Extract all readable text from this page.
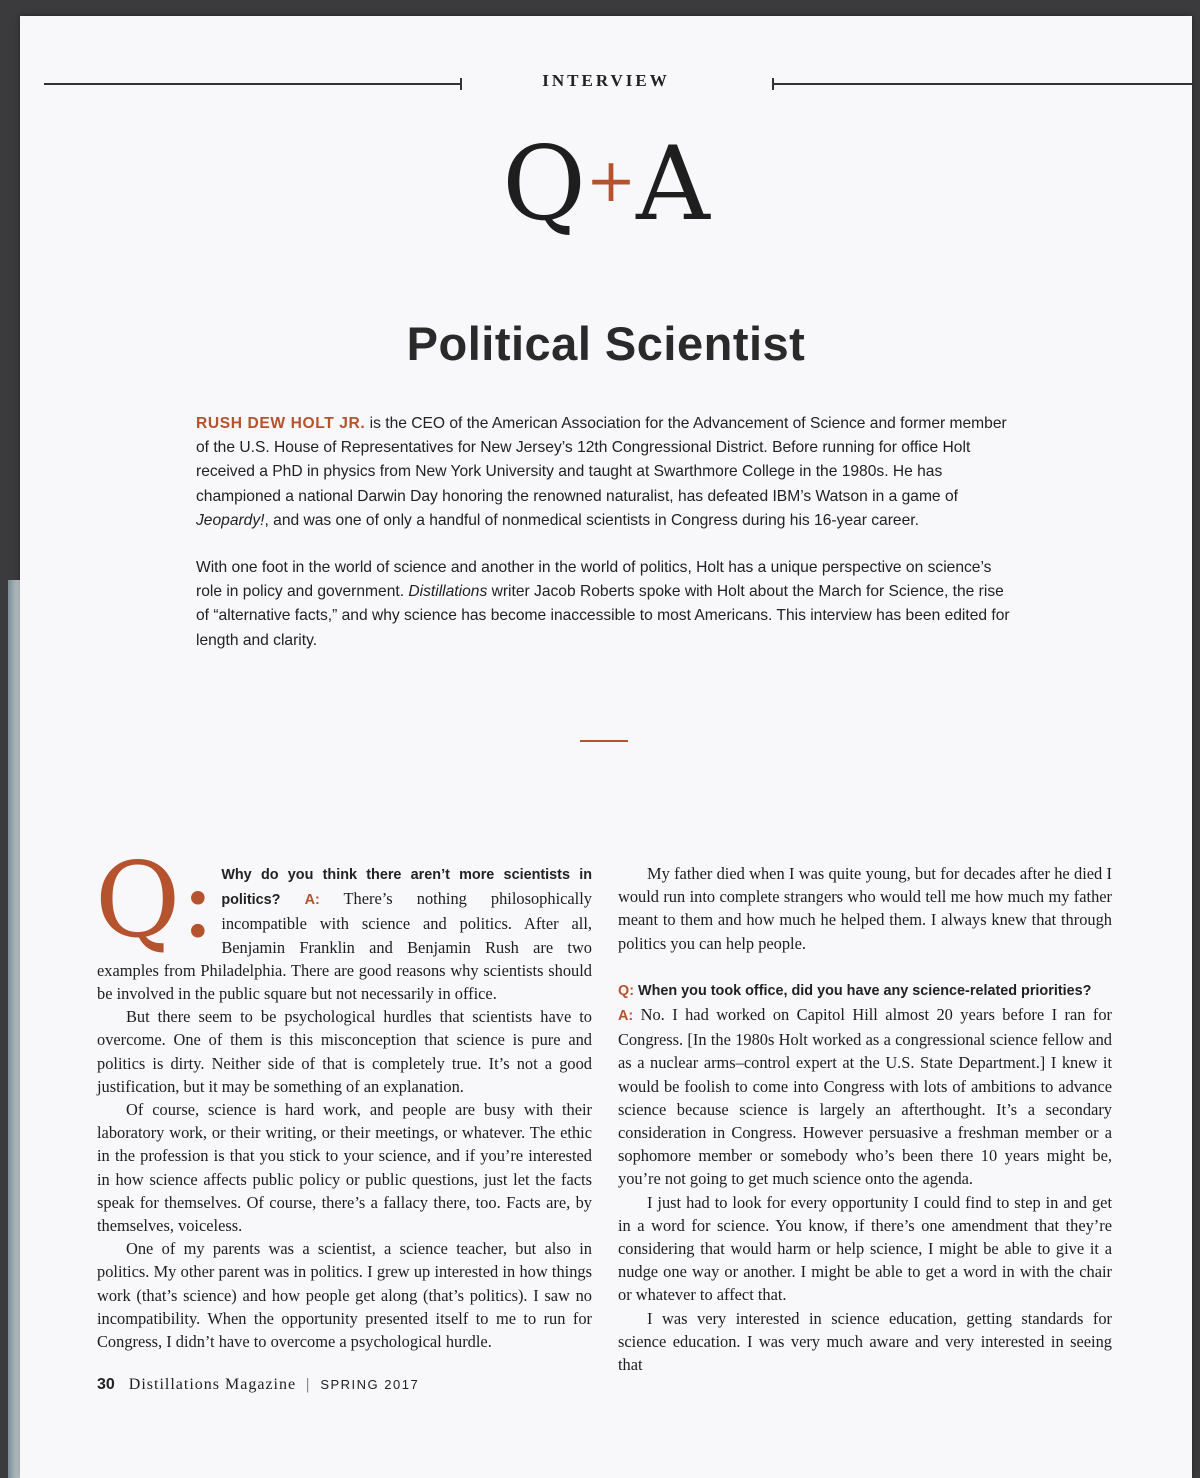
INTERVIEW
Q+A
Political Scientist

RUSH DEW HOLT JR. is the CEO of the American Association for the Advancement of Science and former member of the U.S. House of Representatives for New Jersey’s 12th Congressional District. Before running for office Holt received a PhD in physics from New York University and taught at Swarthmore College in the 1980s. He has championed a national Darwin Day honoring the renowned naturalist, has defeated IBM’s Watson in a game of Jeopardy!, and was one of only a handful of nonmedical scientists in Congress during his 16-year career.

With one foot in the world of science and another in the world of politics, Holt has a unique perspective on science’s role in policy and government. Distillations writer Jacob Roberts spoke with Holt about the March for Science, the rise of “alternative facts,” and why science has become inaccessible to most Americans. This interview has been edited for length and clarity.

Q: Why do you think there aren’t more scientists in politics? A: There’s nothing philosophically incompatible with science and politics. After all, Benjamin Franklin and Benjamin Rush are two examples from Philadelphia. There are good reasons why scientists should be involved in the public square but not necessarily in office.

But there seem to be psychological hurdles that scientists have to overcome. One of them is this misconception that science is pure and politics is dirty. Neither side of that is completely true. It’s not a good justification, but it may be something of an explanation.

Of course, science is hard work, and people are busy with their laboratory work, or their writing, or their meetings, or whatever. The ethic in the profession is that you stick to your science, and if you’re interested in how science affects public policy or public questions, just let the facts speak for themselves. Of course, there’s a fallacy there, too. Facts are, by themselves, voiceless.

One of my parents was a scientist, a science teacher, but also in politics. My other parent was in politics. I grew up interested in how things work (that’s science) and how people get along (that’s politics). I saw no incompatibility. When the opportunity presented itself to me to run for Congress, I didn’t have to overcome a psychological hurdle.

My father died when I was quite young, but for decades after he died I would run into complete strangers who would tell me how much my father meant to them and how much he helped them. I always knew that through politics you can help people.

Q: When you took office, did you have any science-related priorities?
A: No. I had worked on Capitol Hill almost 20 years before I ran for Congress. [In the 1980s Holt worked as a congressional science fellow and as a nuclear arms–control expert at the U.S. State Department.] I knew it would be foolish to come into Congress with lots of ambitions to advance science because science is largely an afterthought. It’s a secondary consideration in Congress. However persuasive a freshman member or a sophomore member or somebody who’s been there 10 years might be, you’re not going to get much science onto the agenda.

I just had to look for every opportunity I could find to step in and get in a word for science. You know, if there’s one amendment that they’re considering that would harm or help science, I might be able to give it a nudge one way or another. I might be able to get a word in with the chair or whatever to affect that.

I was very interested in science education, getting standards for science education. I was very much aware and very interested in seeing that

30 Distillations Magazine | SPRING 2017
